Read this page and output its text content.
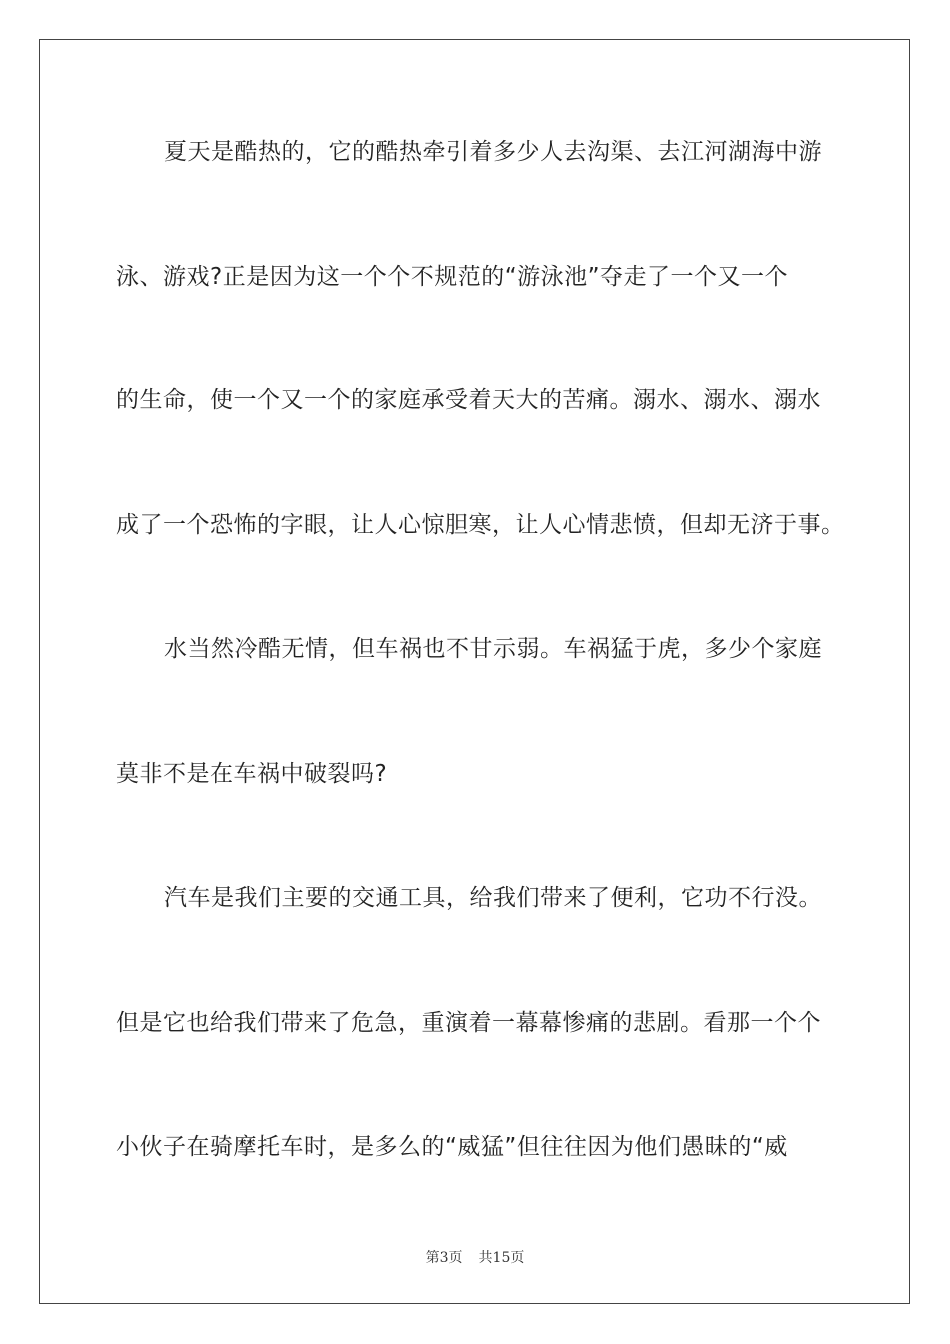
夏天是酷热的，它的酷热牵引着多少人去沟渠、去江河湖海中游
泳、游戏?正是因为这一个个不规范的“游泳池”夺走了一个又一个
的生命，使一个又一个的家庭承受着天大的苦痛。溺水、溺水、溺水
成了一个恐怖的字眼，让人心惊胆寒，让人心情悲愤，但却无济于事。
水当然冷酷无情，但车祸也不甘示弱。车祸猛于虎，多少个家庭
莫非不是在车祸中破裂吗?
汽车是我们主要的交通工具，给我们带来了便利，它功不行没。
但是它也给我们带来了危急，重演着一幕幕惨痛的悲剧。看那一个个
小伙子在骑摩托车时，是多么的“威猛”但往往因为他们愚昧的“威
第3页 共15页
